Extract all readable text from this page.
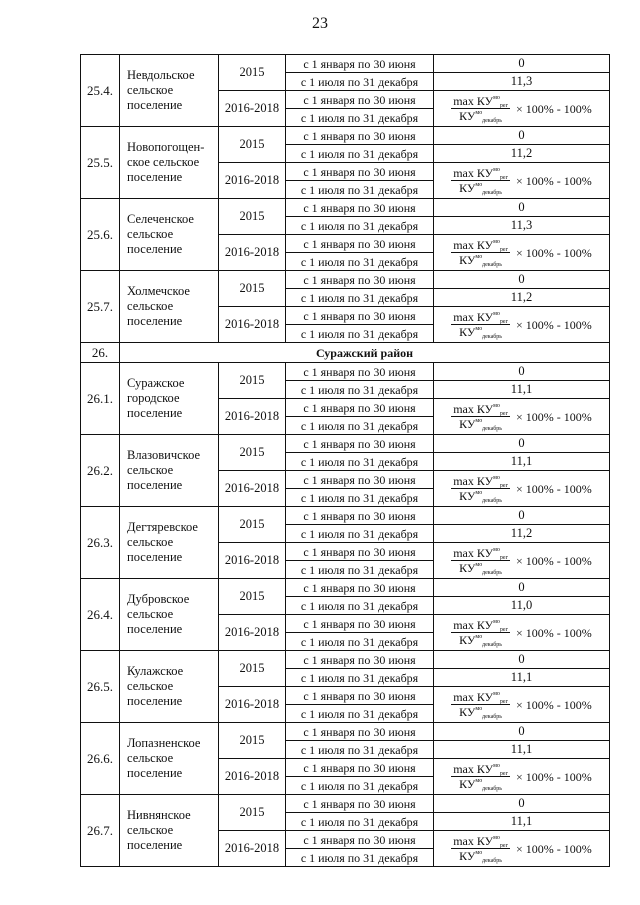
23
25.4.	Невдольское сельское поселение	2015	с 1 января по 30 июня	0
			с 1 июля по 31 декабря	11,3
		2016-2018	с 1 января по 30 июня	$\frac{\max КУ^{мо}рег}{КУ^{мо}декабрь} \times 100\% - 100\%$

			с 1 июля по 31 декабря	
25.5.	Новопогощен-ское сельское поселение	2015	с 1 января по 30 июня	0
			с 1 июля по 31 декабря	11,2
		2016-2018	с 1 января по 30 июня	$\frac{\max КУ^{мо}рег}{КУ^{мо}декабрь} \times 100\% - 100\%$

			с 1 июля по 31 декабря	
25.6.	Селеченское сельское поселение	2015	с 1 января по 30 июня	0
			с 1 июля по 31 декабря	11,3
		2016-2018	с 1 января по 30 июня	$\frac{\max КУ^{мо}рег}{КУ^{мо}декабрь} \times 100\% - 100\%$

			с 1 июля по 31 декабря	
25.7.	Холмечское сельское поселение	2015	с 1 января по 30 июня	0
			с 1 июля по 31 декабря	11,2
		2016-2018	с 1 января по 30 июня	$\frac{\max КУ^{мо}рег}{КУ^{мо}декабрь} \times 100\% - 100\%$

			с 1 июля по 31 декабря	
26.	Суражский район			
26.1.	Суражское городское поселение	2015	с 1 января по 30 июня	0
			с 1 июля по 31 декабря	11,1
		2016-2018	с 1 января по 30 июня	$\frac{\max КУ^{мо}рег}{КУ^{мо}декабрь} \times 100\% - 100\%$

			с 1 июля по 31 декабря	
26.2.	Влазовичское сельское поселение	2015	с 1 января по 30 июня	0
			с 1 июля по 31 декабря	11,1
		2016-2018	с 1 января по 30 июня	$\frac{\max КУ^{мо}рег}{КУ^{мо}декабрь} \times 100\% - 100\%$

			с 1 июля по 31 декабря	
26.3.	Дегтяревское сельское поселение	2015	с 1 января по 30 июня	0
			с 1 июля по 31 декабря	11,2
		2016-2018	с 1 января по 30 июня	$\frac{\max КУ^{мо}рег}{КУ^{мо}декабрь} \times 100\% - 100\%$

			с 1 июля по 31 декабря	
26.4.	Дубровское сельское поселение	2015	с 1 января по 30 июня	0
			с 1 июля по 31 декабря	11,0
		2016-2018	с 1 января по 30 июня	$\frac{\max КУ^{мо}рег}{КУ^{мо}декабрь} \times 100\% - 100\%$

			с 1 июля по 31 декабря	
26.5.	Кулажское сельское поселение	2015	с 1 января по 30 июня	0
			с 1 июля по 31 декабря	11,1
		2016-2018	с 1 января по 30 июня	$\frac{\max КУ^{мо}рег}{КУ^{мо}декабрь} \times 100\% - 100\%$

			с 1 июля по 31 декабря	
26.6.	Лопазненское сельское поселение	2015	с 1 января по 30 июня	0
			с 1 июля по 31 декабря	11,1
		2016-2018	с 1 января по 30 июня	$\frac{\max КУ^{мо}рег}{КУ^{мо}декабрь} \times 100\% - 100\%$

			с 1 июля по 31 декабря	
26.7.	Нивнянское сельское поселение	2015	с 1 января по 30 июня	0
			с 1 июля по 31 декабря	11,1
		2016-2018	с 1 января по 30 июня	$\frac{\max КУ^{мо}рег}{КУ^{мо}декабрь} \times 100\% - 100\%$

			с 1 июля по 31 декабря	
